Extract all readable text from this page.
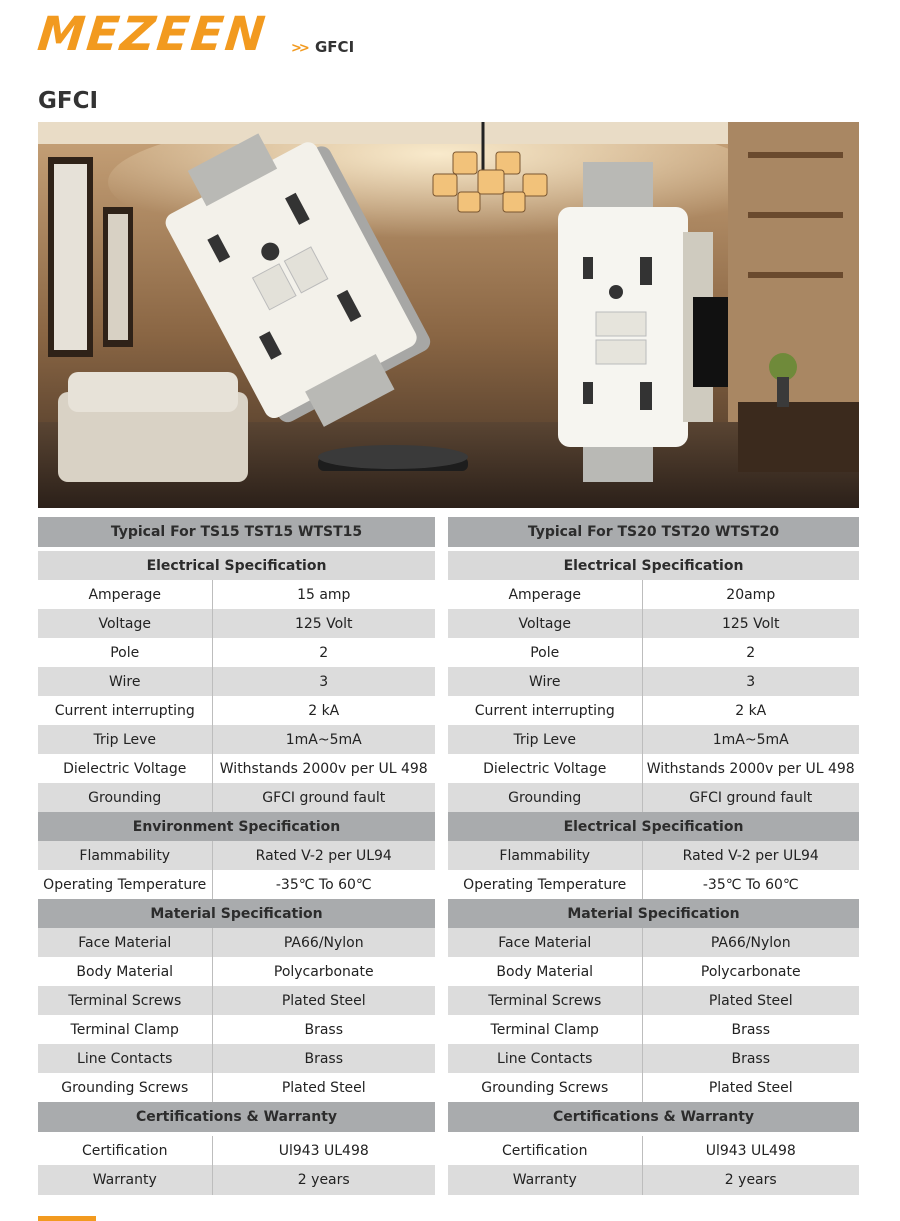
MEZEEN >> GFCI
GFCI
Typical For TS15 TST15 WTST15	

Electrical Specification	
Amperage	15 amp
Voltage	125 Volt
Pole	2
Wire	3
Current interrupting	2 kA
Trip Leve	1mA~5mA
Dielectric Voltage	Withstands 2000v per UL 498
Grounding	GFCI ground fault
Environment Specification	
Flammability	Rated V-2 per UL94
Operating Temperature	-35℃ To 60℃
Material Specification	
Face Material	PA66/Nylon
Body Material	Polycarbonate
Terminal Screws	Plated Steel
Terminal Clamp	Brass
Line Contacts	Brass
Grounding Screws	Plated Steel
Certifications & Warranty	

Certification	Ul943 UL498
Warranty	2 years
Typical For TS20 TST20 WTST20	

Electrical Specification	
Amperage	20amp
Voltage	125 Volt
Pole	2
Wire	3
Current interrupting	2 kA
Trip Leve	1mA~5mA
Dielectric Voltage	Withstands 2000v per UL 498
Grounding	GFCI ground fault
Electrical Specification	
Flammability	Rated V-2 per UL94
Operating Temperature	-35℃ To 60℃
Material Specification	
Face Material	PA66/Nylon
Body Material	Polycarbonate
Terminal Screws	Plated Steel
Terminal Clamp	Brass
Line Contacts	Brass
Grounding Screws	Plated Steel
Certifications & Warranty	

Certification	Ul943 UL498
Warranty	2 years
